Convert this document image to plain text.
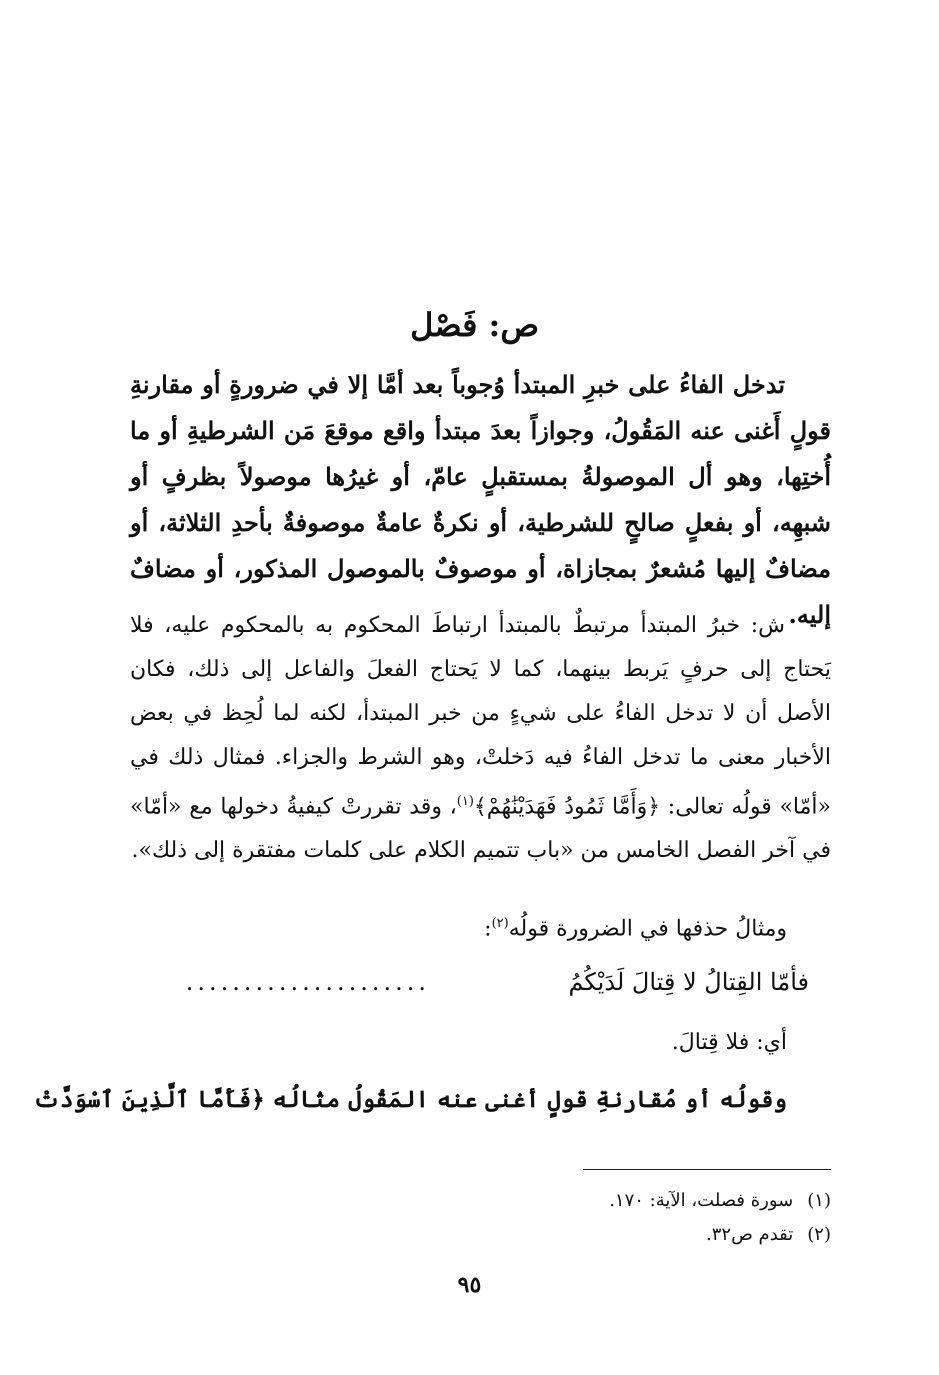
ص: فَصْل

تدخل الفاءُ على خبرِ المبتدأ وُجوباً بعد أمَّا إلا في ضرورةٍ أو مقارنةِ قولٍ أَغنى عنه المَقُولُ، وجوازاً بعدَ مبتدأ واقع موقعَ مَن الشرطيةِ أو ما أُختِها، وهو أل الموصولةُ بمستقبلٍ عامّ، أو غيرُها موصولاً بظرفٍ أو شبهِه، أو بفعلٍ صالحٍ للشرطية، أو نكرةٌ عامةٌ موصوفةٌ بأحدِ الثلاثة، أو مضافٌ إليها مُشعرٌ بمجازاة، أو موصوفٌ بالموصول المذكور، أو مضافٌ إليه.

ش: خبرُ المبتدأ مرتبطٌ بالمبتدأ ارتباطَ المحكوم به بالمحكوم عليه، فلا يَحتاج إلى حرفٍ يَربط بينهما، كما لا يَحتاج الفعلَ والفاعل إلى ذلك، فكان الأصل أن لا تدخل الفاءُ على شيءٍ من خبر المبتدأ، لكنه لما لُحِظ في بعض الأخبار معنى ما تدخل الفاءُ فيه دَخلتْ، وهو الشرط والجزاء. فمثال ذلك في «أمّا» قولُه تعالى: ﴿وَأَمَّا ثَمُودُ فَهَدَيْنَٰهُمْ﴾$^{(١)}$، وقد تقررتْ كيفيةُ دخولها مع «أمّا» في آخر الفصل الخامس من «باب تتميم الكلام على كلمات مفتقرة إلى ذلك».

ومثالُ حذفها في الضرورة قولُه$^{(٢)}$:
فأمّا القِتالُ لا قِتالَ لَدَيْكُمُ
.....................
أي: فلا قِتالَ.

وقولُه أو مُقارنةِ قولٍ أغنى عنه المَقُولُ مثالُه ﴿فَأَمَّا ٱلَّذِينَ ٱسْوَدَّتْ

(١)سورة فصلت، الآية: ١٧٠.
(٢)تقدم ص٣٢.
٩٥
